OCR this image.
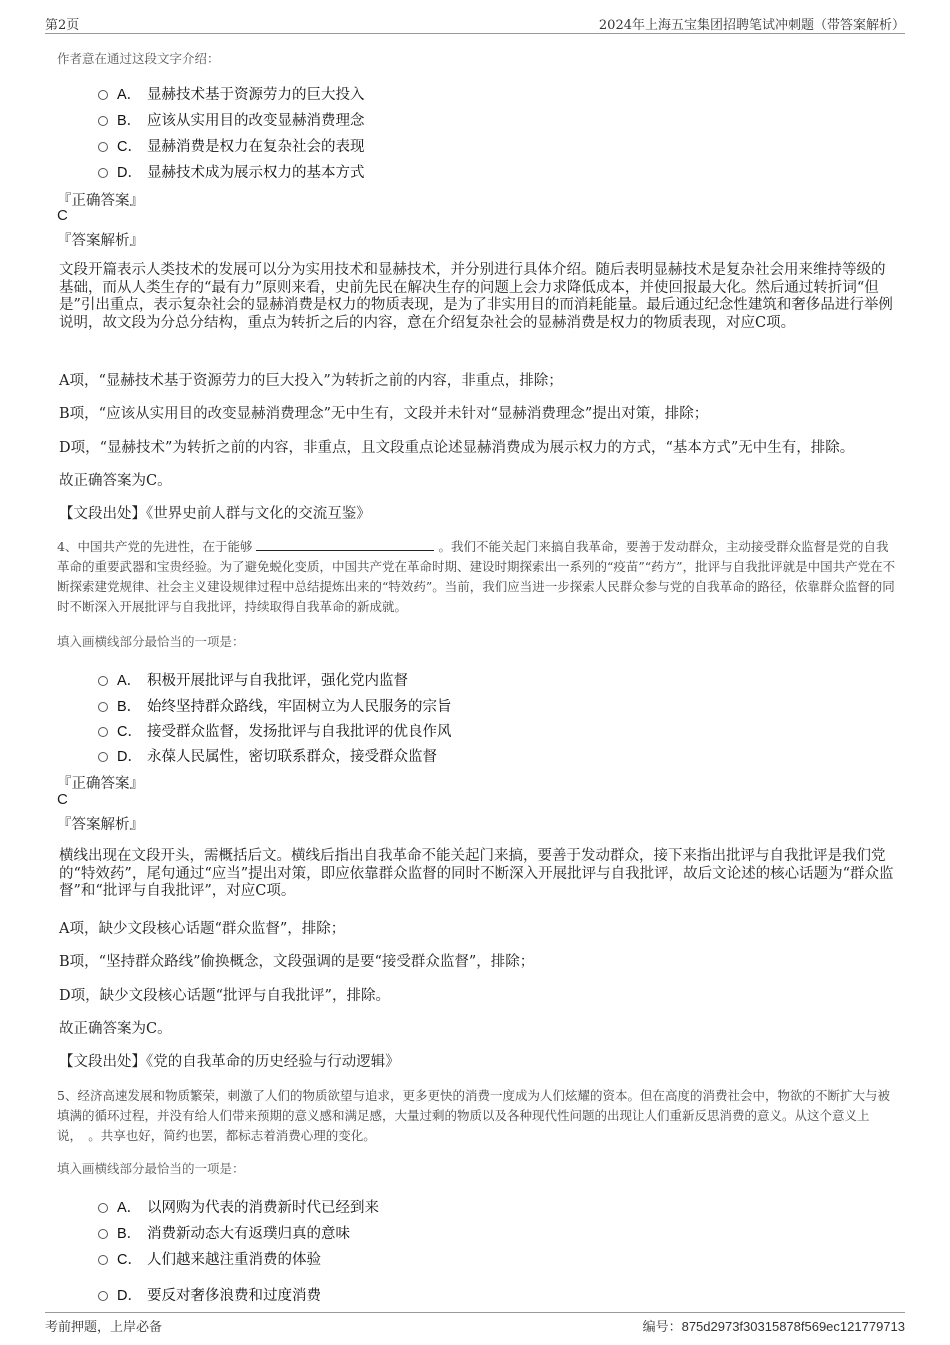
第2页	2024年上海五宝集团招聘笔试冲刺题（带答案解析）
作者意在通过这段文字介绍：
A． 显赫技术基于资源劳力的巨大投入
B． 应该从实用目的改变显赫消费理念
C． 显赫消费是权力在复杂社会的表现
D． 显赫技术成为展示权力的基本方式
『正确答案』
C
『答案解析』
文段开篇表示人类技术的发展可以分为实用技术和显赫技术，并分别进行具体介绍。随后表明显赫技术是复杂社会用来维持等级的基础，而从人类生存的“最有力”原则来看，史前先民在解决生存的问题上会力求降低成本，并使回报最大化。然后通过转折词“但是”引出重点，表示复杂社会的显赫消费是权力的物质表现，是为了非实用目的而消耗能量。最后通过纪念性建筑和奢侈品进行举例说明，故文段为分总分结构，重点为转折之后的内容，意在介绍复杂社会的显赫消费是权力的物质表现，对应C项。
A项，“显赫技术基于资源劳力的巨大投入”为转折之前的内容，非重点，排除；
B项，“应该从实用目的改变显赫消费理念”无中生有，文段并未针对“显赫消费理念”提出对策，排除；
D项，“显赫技术”为转折之前的内容，非重点，且文段重点论述显赫消费成为展示权力的方式，“基本方式”无中生有，排除。
故正确答案为C。
【文段出处】《世界史前人群与文化的交流互鉴》
4、中国共产党的先进性，在于能够	。我们不能关起门来搞自我革命，要善于发动群众，主动接受群众监督是党的自我革命的重要武器和宝贵经验。为了避免蜕化变质，中国共产党在革命时期、建设时期探索出一系列的“疫苗”“药方”，批评与自我批评就是中国共产党在不断探索建党规律、社会主义建设规律过程中总结提炼出来的“特效药”。当前，我们应当进一步探索人民群众参与党的自我革命的路径，依靠群众监督的同时不断深入开展批评与自我批评，持续取得自我革命的新成就。
填入画横线部分最恰当的一项是：
A． 积极开展批评与自我批评，强化党内监督
B． 始终坚持群众路线，牢固树立为人民服务的宗旨
C． 接受群众监督，发扬批评与自我批评的优良作风
D． 永葆人民属性，密切联系群众，接受群众监督
『正确答案』
C
『答案解析』
横线出现在文段开头，需概括后文。横线后指出自我革命不能关起门来搞，要善于发动群众，接下来指出批评与自我批评是我们党的“特效药”，尾句通过“应当”提出对策，即应依靠群众监督的同时不断深入开展批评与自我批评，故后文论述的核心话题为“群众监督”和“批评与自我批评”，对应C项。
A项，缺少文段核心话题“群众监督”，排除；
B项，“坚持群众路线”偷换概念，文段强调的是要“接受群众监督”，排除；
D项，缺少文段核心话题“批评与自我批评”，排除。
故正确答案为C。
【文段出处】《党的自我革命的历史经验与行动逻辑》
5、经济高速发展和物质繁荣，刺激了人们的物质欲望与追求，更多更快的消费一度成为人们炫耀的资本。但在高度的消费社会中，物欲的不断扩大与被填满的循环过程，并没有给人们带来预期的意义感和满足感，大量过剩的物质以及各种现代性问题的出现让人们重新反思消费的意义。从这个意义上说，　。共享也好，简约也罢，都标志着消费心理的变化。
填入画横线部分最恰当的一项是：
A． 以网购为代表的消费新时代已经到来
B． 消费新动态大有返璞归真的意味
C． 人们越来越注重消费的体验
D． 要反对奢侈浪费和过度消费
考前押题，上岸必备	编号：875d2973f30315878f569ec121779713
